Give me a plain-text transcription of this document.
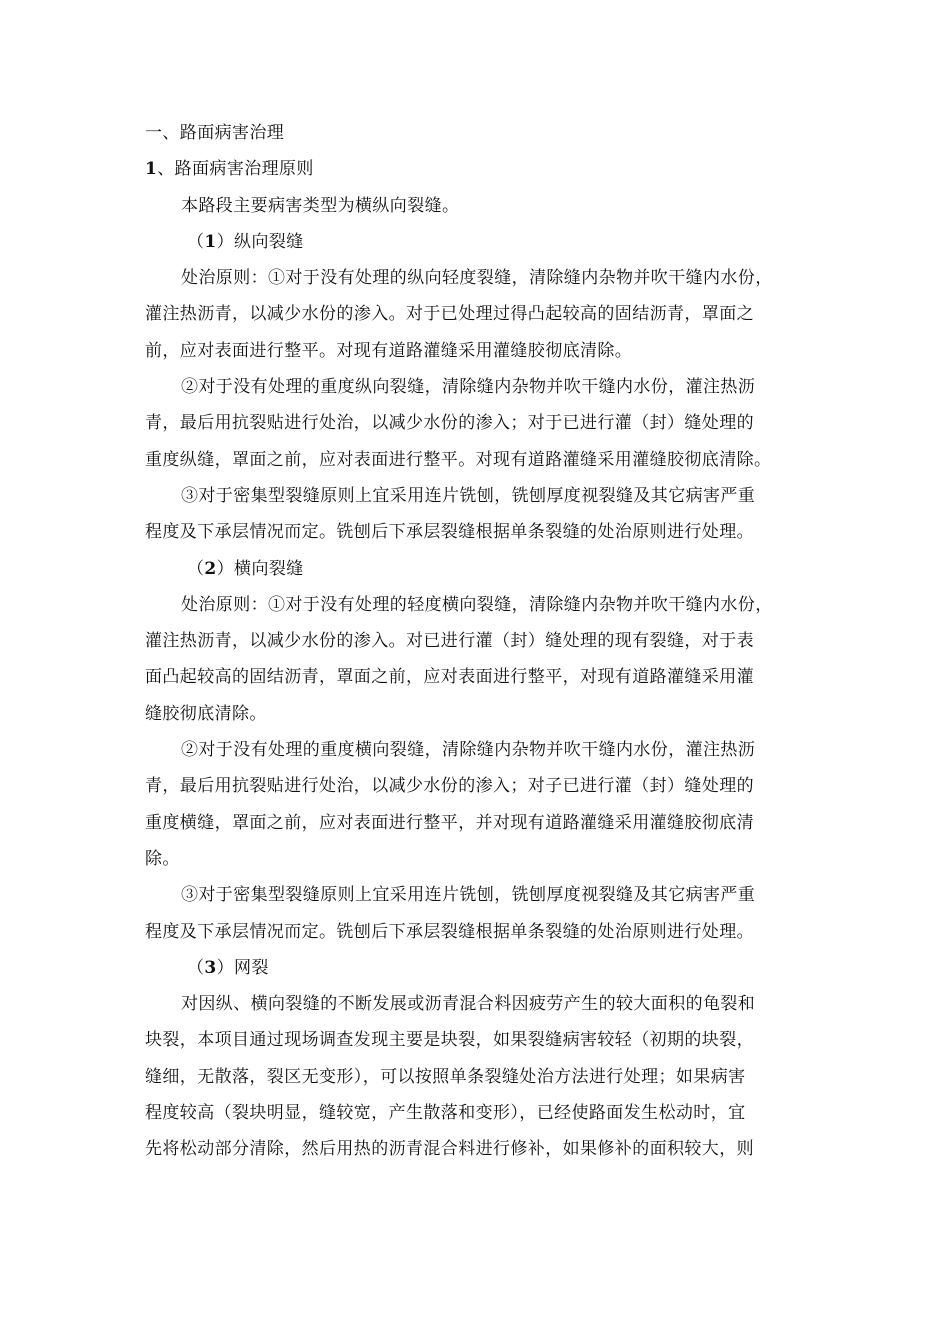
一、路面病害治理
1、路面病害治理原则
本路段主要病害类型为横纵向裂缝。
（1）纵向裂缝
处治原则：①对于没有处理的纵向轻度裂缝，清除缝内杂物并吹干缝内水份，
灌注热沥青，以减少水份的渗入。对于已处理过得凸起较高的固结沥青，罩面之
前，应对表面进行整平。对现有道路灌缝采用灌缝胶彻底清除。
②对于没有处理的重度纵向裂缝，清除缝内杂物并吹干缝内水份，灌注热沥
青，最后用抗裂贴进行处治，以减少水份的渗入；对于已进行灌（封）缝处理的
重度纵缝，罩面之前，应对表面进行整平。对现有道路灌缝采用灌缝胶彻底清除。
③对于密集型裂缝原则上宜采用连片铣刨，铣刨厚度视裂缝及其它病害严重
程度及下承层情况而定。铣刨后下承层裂缝根据单条裂缝的处治原则进行处理。
（2）横向裂缝
处治原则：①对于没有处理的轻度横向裂缝，清除缝内杂物并吹干缝内水份，
灌注热沥青，以减少水份的渗入。对已进行灌（封）缝处理的现有裂缝，对于表
面凸起较高的固结沥青，罩面之前，应对表面进行整平，对现有道路灌缝采用灌
缝胶彻底清除。
②对于没有处理的重度横向裂缝，清除缝内杂物并吹干缝内水份，灌注热沥
青，最后用抗裂贴进行处治，以减少水份的渗入；对子已进行灌（封）缝处理的
重度横缝，罩面之前，应对表面进行整平，并对现有道路灌缝采用灌缝胶彻底清
除。
③对于密集型裂缝原则上宜采用连片铣刨，铣刨厚度视裂缝及其它病害严重
程度及下承层情况而定。铣刨后下承层裂缝根据单条裂缝的处治原则进行处理。
（3）网裂
对因纵、横向裂缝的不断发展或沥青混合料因疲劳产生的较大面积的龟裂和
块裂，本项目通过现场调查发现主要是块裂，如果裂缝病害较轻（初期的块裂，
缝细，无散落，裂区无变形），可以按照单条裂缝处治方法进行处理；如果病害
程度较高（裂块明显，缝较宽，产生散落和变形），已经使路面发生松动时，宜
先将松动部分清除，然后用热的沥青混合料进行修补，如果修补的面积较大，则
